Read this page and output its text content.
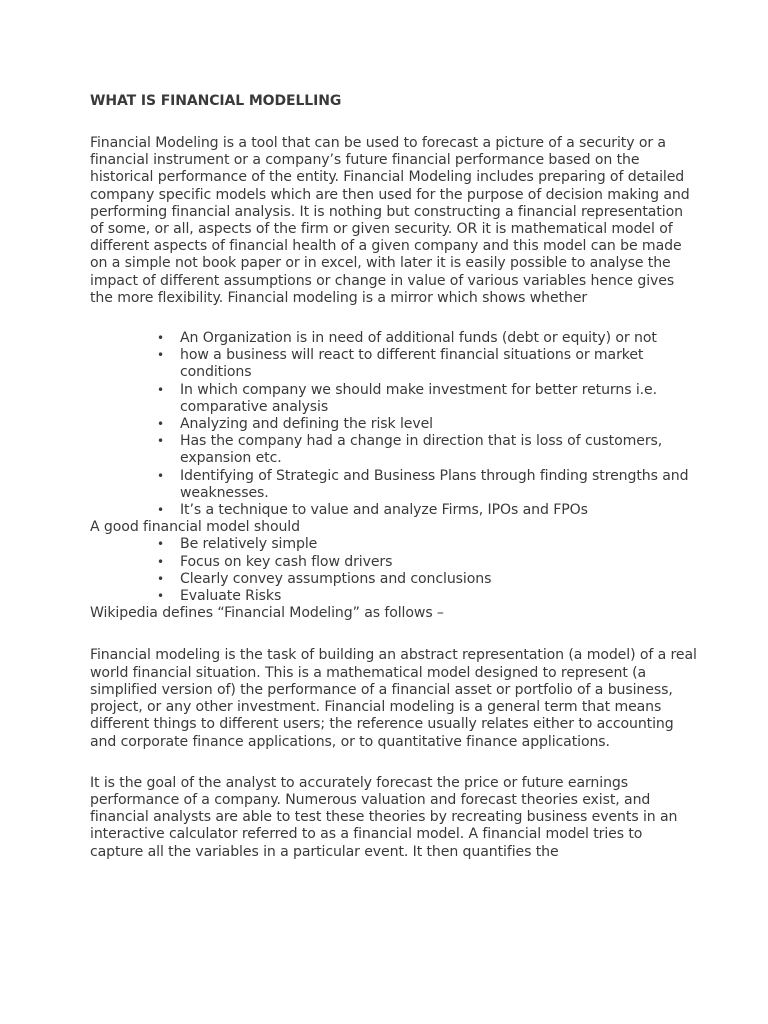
WHAT IS FINANCIAL MODELLING

Financial Modeling is a tool that can be used to forecast a picture of a security or a financial instrument or a company’s future financial performance based on the historical performance of the entity. Financial Modeling includes preparing of detailed company specific models which are then used for the purpose of decision making and performing financial analysis. It is nothing but constructing a financial representation of some, or all, aspects of the firm or given security. OR it is mathematical model of different aspects of financial health of a given company and this model can be made on a simple not book paper or in excel, with later it is easily possible to analyse the impact of different assumptions or change in value of various variables hence gives the more flexibility. Financial modeling is a mirror which shows whether

• An Organization is in need of additional funds (debt or equity) or not
• how a business will react to different financial situations or market conditions
• In which company we should make investment for better returns i.e. comparative analysis
• Analyzing and defining the risk level
• Has the company had a change in direction that is loss of customers, expansion etc.
• Identifying of Strategic and Business Plans through finding strengths and weaknesses.
• It’s a technique to value and analyze Firms, IPOs and FPOs

A good financial model should

• Be relatively simple
• Focus on key cash flow drivers
• Clearly convey assumptions and conclusions
• Evaluate Risks

Wikipedia defines “Financial Modeling” as follows –

Financial modeling is the task of building an abstract representation (a model) of a real world financial situation. This is a mathematical model designed to represent (a simplified version of) the performance of a financial asset or portfolio of a business, project, or any other investment. Financial modeling is a general term that means different things to different users; the reference usually relates either to accounting and corporate finance applications, or to quantitative finance applications.

It is the goal of the analyst to accurately forecast the price or future earnings performance of a company. Numerous valuation and forecast theories exist, and financial analysts are able to test these theories by recreating business events in an interactive calculator referred to as a financial model. A financial model tries to capture all the variables in a particular event. It then quantifies the
